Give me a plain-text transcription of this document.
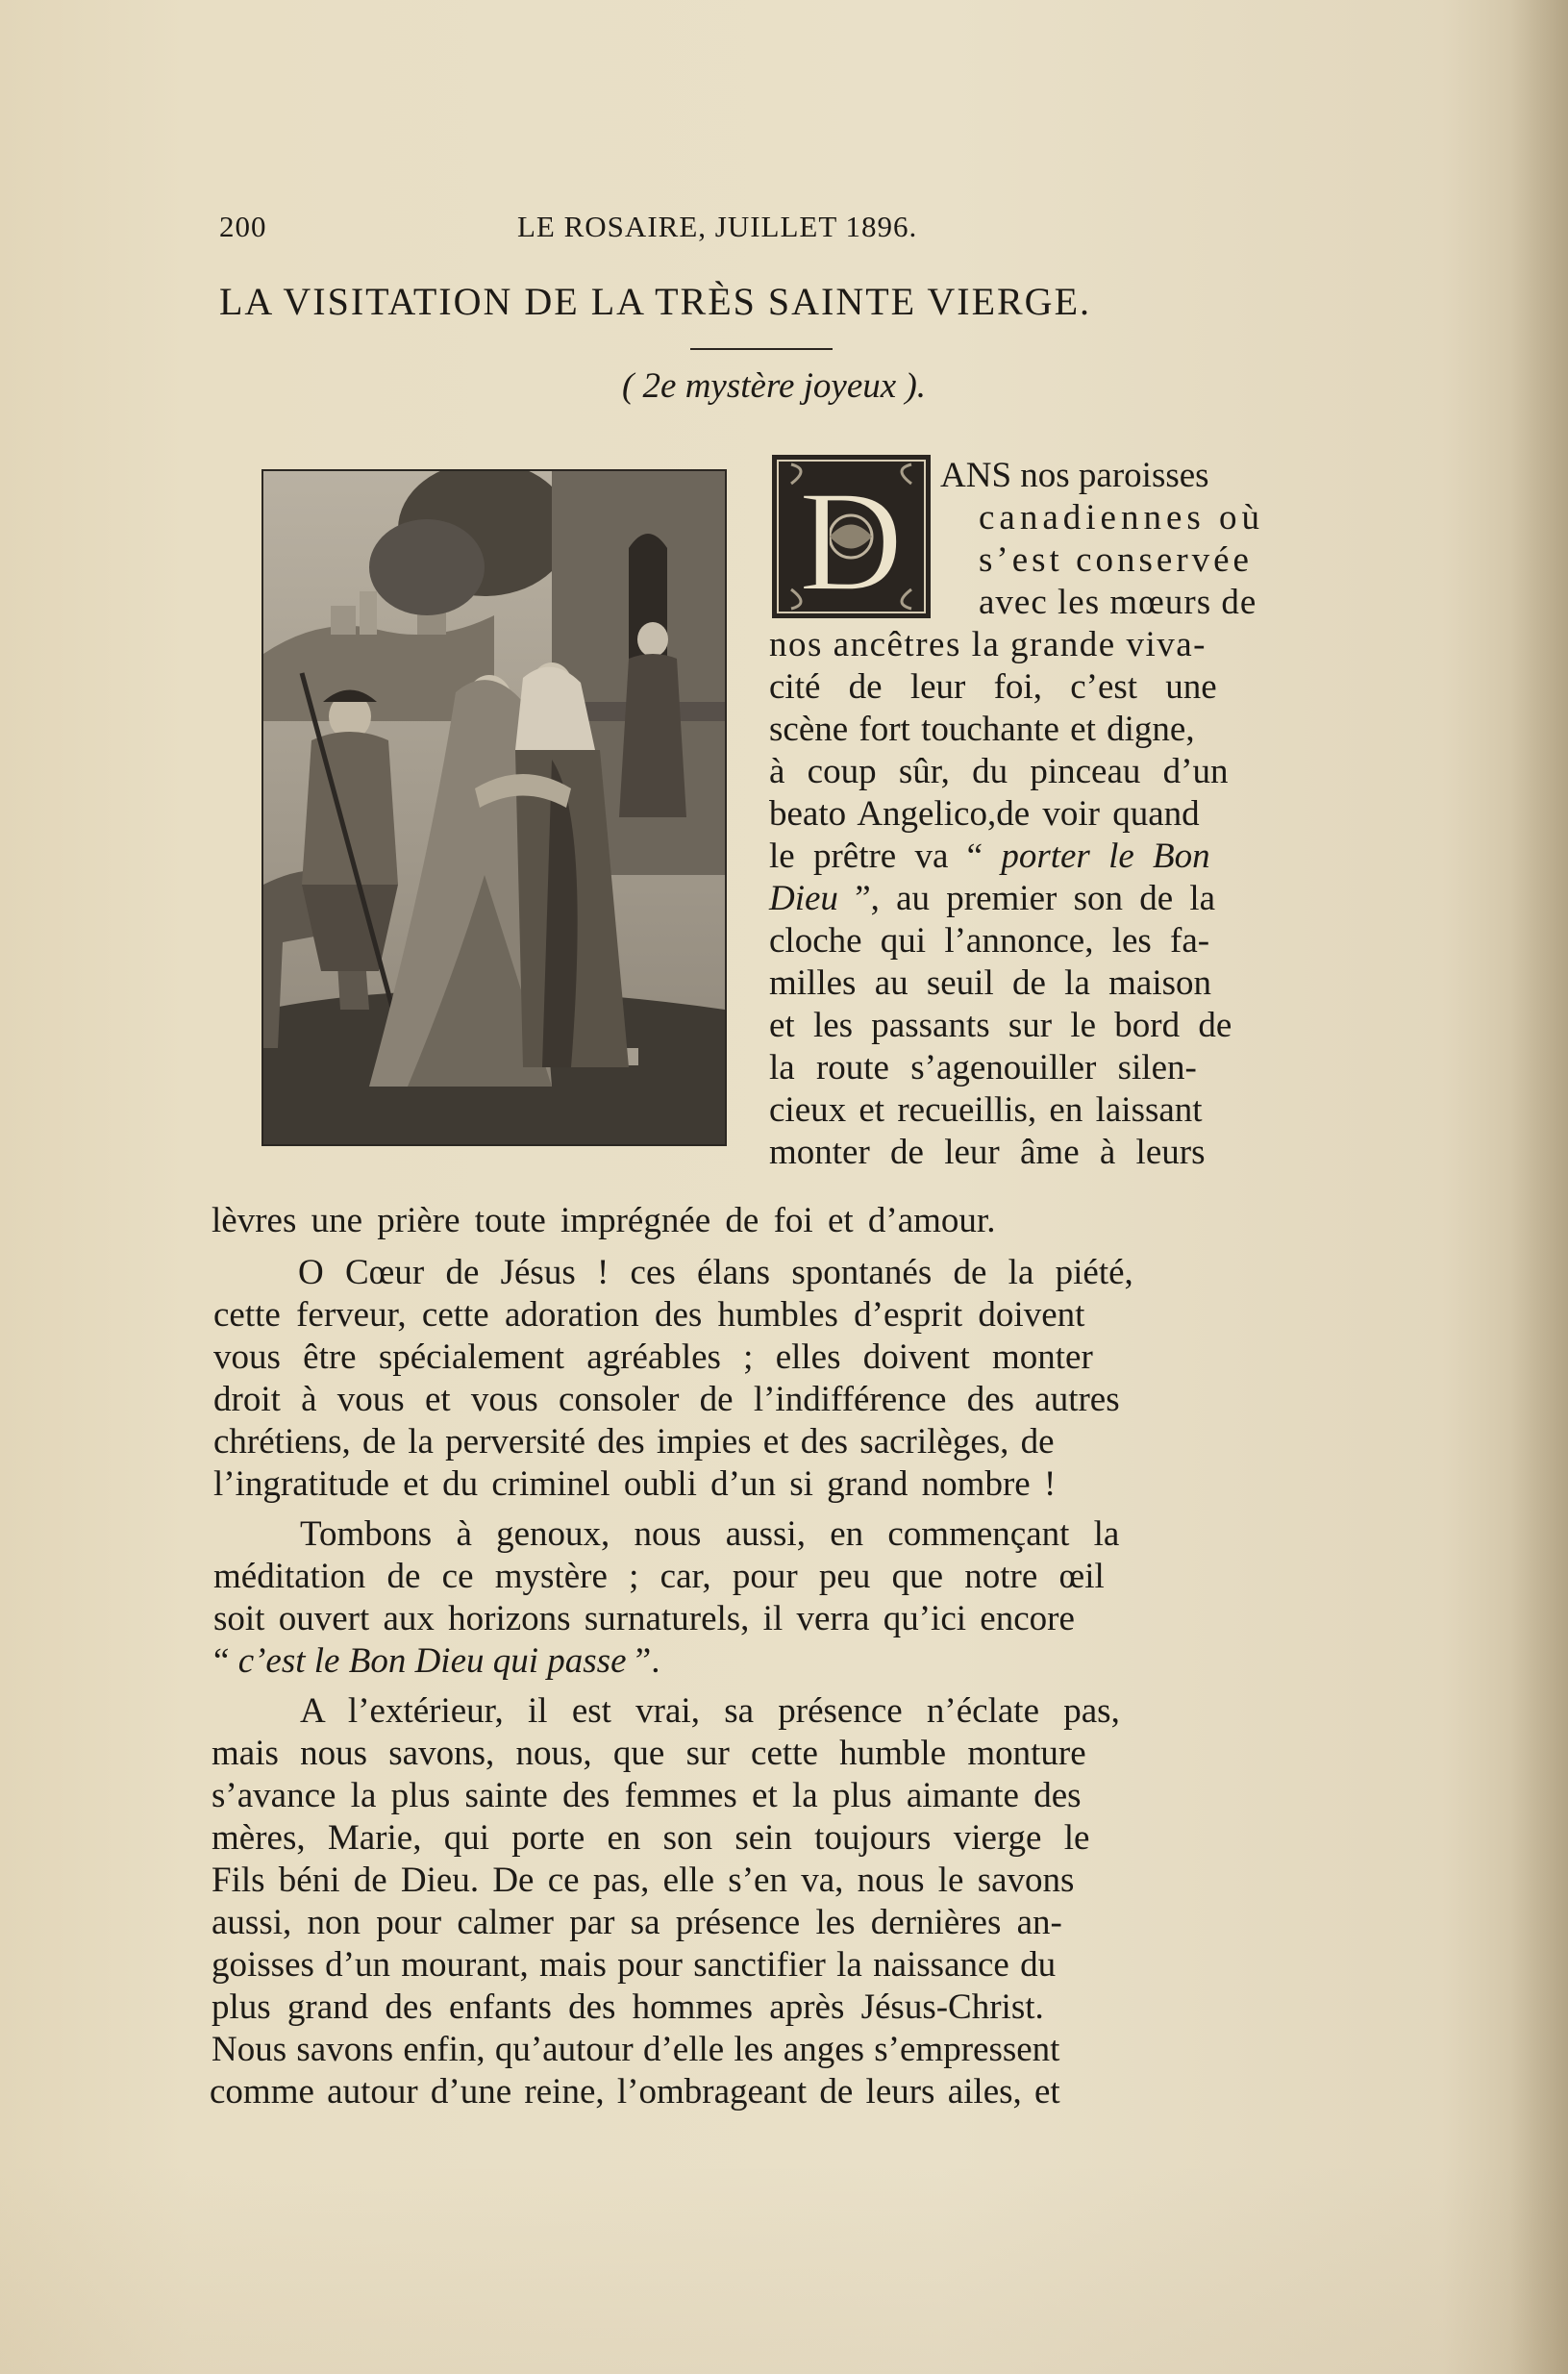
200	LE ROSAIRE, JUILLET 1896.
LA VISITATION DE LA TRÈS SAINTE VIERGE.
( 2e mystère joyeux ).
D ANS nos paroisses
canadiennes où
s’est conservée
avec les mœurs de
nos ancêtres la grande viva-
cité de leur foi, c’est une
scène fort touchante et digne,
à coup sûr, du pinceau d’un
beato Angelico,de voir quand
le prêtre va “ porter le Bon
Dieu ”, au premier son de la
cloche qui l’annonce, les fa-
milles au seuil de la maison
et les passants sur le bord de
la route s’agenouiller silen-
cieux et recueillis, en laissant
monter de leur âme à leurs
lèvres une prière toute imprégnée de foi et d’amour.
O Cœur de Jésus ! ces élans spontanés de la piété,
cette ferveur, cette adoration des humbles d’esprit doivent
vous être spécialement agréables ; elles doivent monter
droit à vous et vous consoler de l’indifférence des autres
chrétiens, de la perversité des impies et des sacrilèges, de
l’ingratitude et du criminel oubli d’un si grand nombre !
Tombons à genoux, nous aussi, en commençant la
méditation de ce mystère ; car, pour peu que notre œil
soit ouvert aux horizons surnaturels, il verra qu’ici encore
“ c’est le Bon Dieu qui passe ”.
A l’extérieur, il est vrai, sa présence n’éclate pas,
mais nous savons, nous, que sur cette humble monture
s’avance la plus sainte des femmes et la plus aimante des
mères, Marie, qui porte en son sein toujours vierge le
Fils béni de Dieu. De ce pas, elle s’en va, nous le savons
aussi, non pour calmer par sa présence les dernières an-
goisses d’un mourant, mais pour sanctifier la naissance du
plus grand des enfants des hommes après Jésus-Christ.
Nous savons enfin, qu’autour d’elle les anges s’empressent
comme autour d’une reine, l’ombrageant de leurs ailes, et
